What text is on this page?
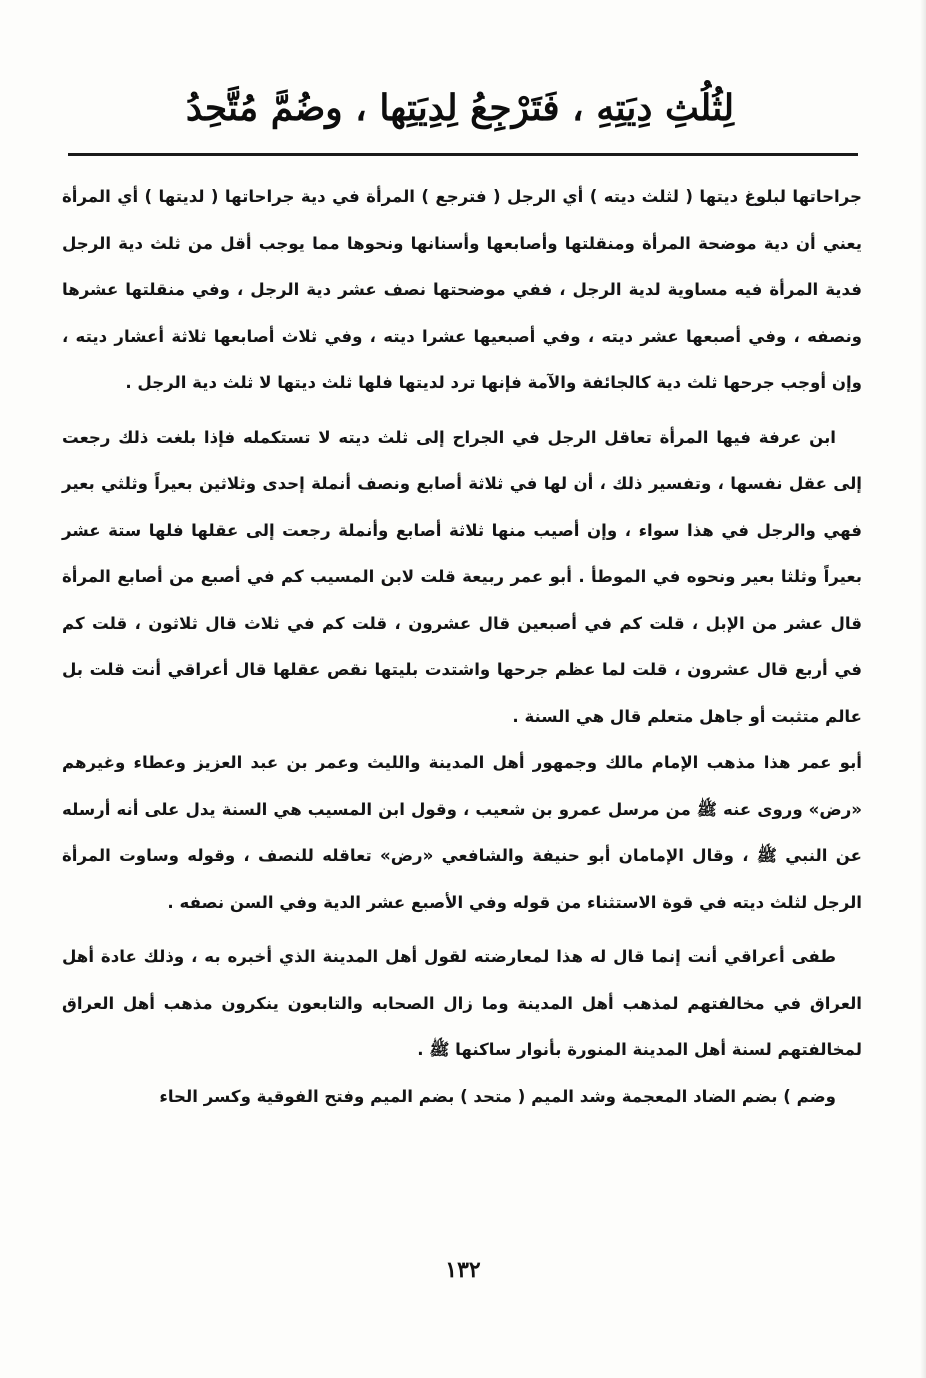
لِثُلُثِ دِيَتِهِ ، فَتَرْجِعُ لِدِيَتِها ، وضُمَّ مُتَّحِدُ

جراحاتها لبلوغ ديتها ( لثلث ديته ) أي الرجل ( فترجع ) المرأة في دية جراحاتها ( لديتها ) أي المرأة يعني أن دية موضحة المرأة ومنقلتها وأصابعها وأسنانها ونحوها مما يوجب أقل من ثلث دية الرجل فدية المرأة فيه مساوية لدية الرجل ، ففي موضحتها نصف عشر دية الرجل ، وفي منقلتها عشرها ونصفه ، وفي أصبعها عشر ديته ، وفي أصبعيها عشرا ديته ، وفي ثلاث أصابعها ثلاثة أعشار ديته ، وإن أوجب جرحها ثلث دية كالجائفة والآمة فإنها ترد لديتها فلها ثلث ديتها لا ثلث دية الرجل .

ابن عرفة فيها المرأة تعاقل الرجل في الجراح إلى ثلث ديته لا تستكمله فإذا بلغت ذلك رجعت إلى عقل نفسها ، وتفسير ذلك ، أن لها في ثلاثة أصابع ونصف أنملة إحدى وثلاثين بعيراً وثلثي بعير فهي والرجل في هذا سواء ، وإن أصيب منها ثلاثة أصابع وأنملة رجعت إلى عقلها فلها ستة عشر بعيراً وثلثا بعير ونحوه في الموطأ . أبو عمر ربيعة قلت لابن المسيب كم في أصبع من أصابع المرأة قال عشر من الإبل ، قلت كم في أصبعين قال عشرون ، قلت كم في ثلاث قال ثلاثون ، قلت كم في أربع قال عشرون ، قلت لما عظم جرحها واشتدت بليتها نقص عقلها قال أعراقي أنت قلت بل عالم متثبت أو جاهل متعلم قال هي السنة .

أبو عمر هذا مذهب الإمام مالك وجمهور أهل المدينة والليث وعمر بن عبد العزيز وعطاء وغيرهم «رض» وروى عنه ﷺ من مرسل عمرو بن شعيب ، وقول ابن المسيب هي السنة يدل على أنه أرسله عن النبي ﷺ ، وقال الإمامان أبو حنيفة والشافعي «رض» تعاقله للنصف ، وقوله وساوت المرأة الرجل لثلث ديته في قوة الاستثناء من قوله وفي الأصبع عشر الدية وفي السن نصفه .

طفى أعراقي أنت إنما قال له هذا لمعارضته لقول أهل المدينة الذي أخبره به ، وذلك عادة أهل العراق في مخالفتهم لمذهب أهل المدينة وما زال الصحابه والتابعون ينكرون مذهب أهل العراق لمخالفتهم لسنة أهل المدينة المنورة بأنوار ساكنها ﷺ .

وضم ) بضم الضاد المعجمة وشد الميم ( متحد ) بضم الميم وفتح الفوقية وكسر الحاء

١٣٢
